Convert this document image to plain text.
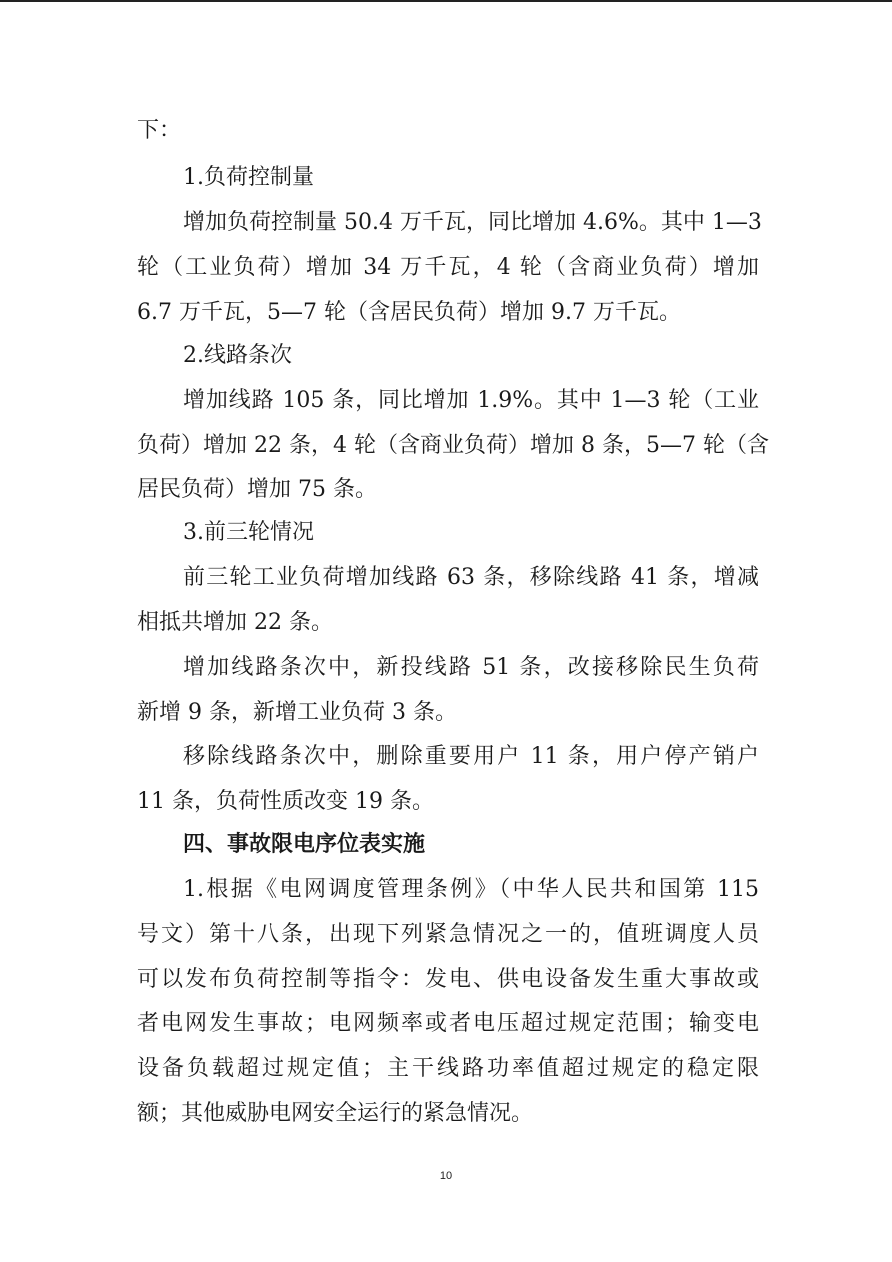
下：
1.负荷控制量
增加负荷控制量 50.4 万千瓦，同比增加 4.6%。其中 1—3
轮（工业负荷）增加 34 万千瓦，4 轮（含商业负荷）增加
6.7 万千瓦，5—7 轮（含居民负荷）增加 9.7 万千瓦。
2.线路条次
增加线路 105 条，同比增加 1.9%。其中 1—3 轮（工业
负荷）增加 22 条，4 轮（含商业负荷）增加 8 条，5—7 轮（含
居民负荷）增加 75 条。
3.前三轮情况
前三轮工业负荷增加线路 63 条，移除线路 41 条，增减
相抵共增加 22 条。
增加线路条次中，新投线路 51 条，改接移除民生负荷
新增 9 条，新增工业负荷 3 条。
移除线路条次中，删除重要用户 11 条，用户停产销户
11 条，负荷性质改变 19 条。
四、事故限电序位表实施
1.根据《电网调度管理条例》（中华人民共和国第 115
号文）第十八条，出现下列紧急情况之一的，值班调度人员
可以发布负荷控制等指令：发电、供电设备发生重大事故或
者电网发生事故；电网频率或者电压超过规定范围；输变电
设备负载超过规定值；主干线路功率值超过规定的稳定限
额；其他威胁电网安全运行的紧急情况。
10
